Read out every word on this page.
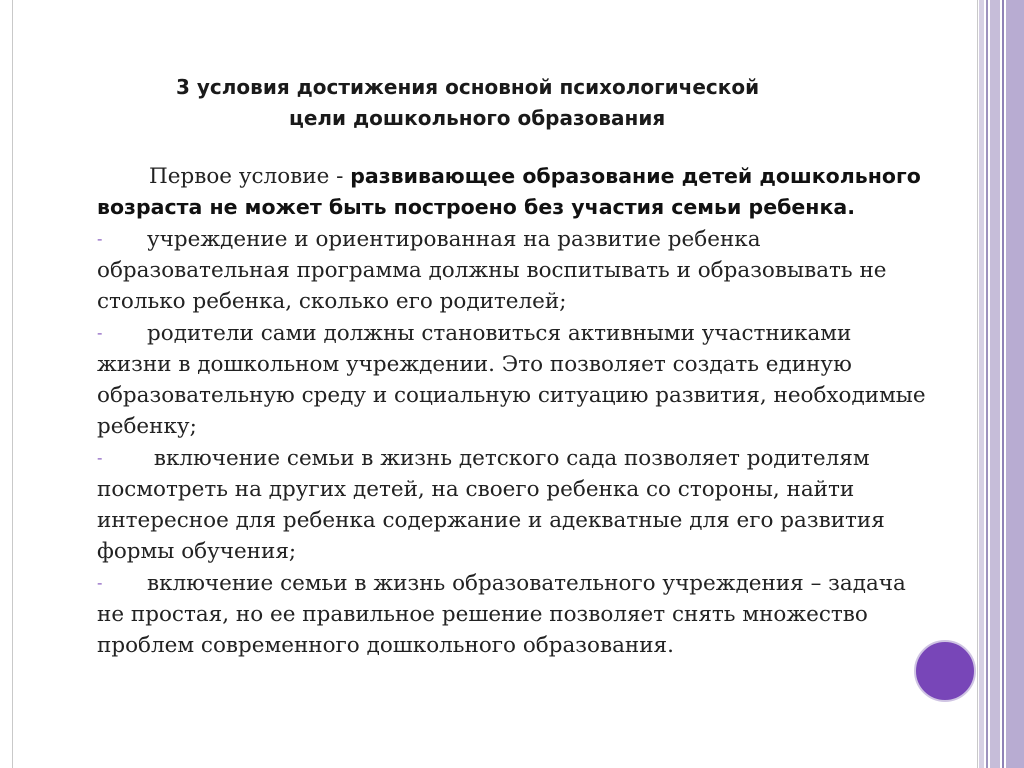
3 условия достижения основной психологической
цели дошкольного образования

Первое условие - развивающее образование детей дошкольного возраста не может быть построено без участия семьи ребенка.

- учреждение и ориентированная на развитие ребенка образовательная программа должны воспитывать и образовывать не столько ребенка, сколько его родителей;

- родители сами должны становиться активными участниками жизни в дошкольном учреждении. Это позволяет создать единую образовательную среду и социальную ситуацию развития, необходимые ребенку;

- включение семьи в жизнь детского сада позволяет родителям посмотреть на других детей, на своего ребенка со стороны, найти интересное для ребенка содержание и адекватные для его развития формы обучения;

- включение семьи в жизнь образовательного учреждения – задача не простая, но ее правильное решение позволяет снять множество проблем современного дошкольного образования.
